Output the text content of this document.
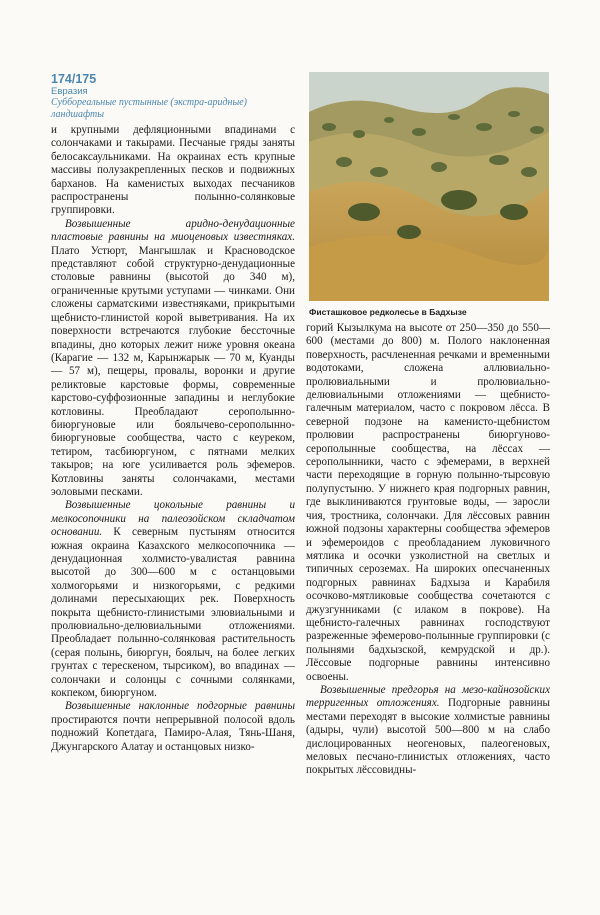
174/175
Евразия
Суббореальные пустынные (экстра-аридные) ландшафты

и крупными дефляционными впадинами с солончаками и такырами. Песчаные гряды заняты белосаксаульниками. На окраинах есть крупные массивы полузакрепленных песков и подвижных барханов. На каменистых выходах песчаников распространены полынно-солянковые группировки.

Возвышенные аридно-денудационные пластовые равнины на миоценовых известняках. Плато Устюрт, Мангышлак и Красноводское представляют собой структурно-денудационные столовые равнины (высотой до 340 м), ограниченные крутыми уступами — чинками. Они сложены сарматскими известняками, прикрытыми щебнисто-глинистой корой выветривания. На их поверхности встречаются глубокие бессточные впадины, дно которых лежит ниже уровня океана (Карагие — 132 м, Карынжарык — 70 м, Куанды — 57 м), пещеры, провалы, воронки и другие реликтовые карстовые формы, современные карстово-суффозионные западины и неглубокие котловины. Преобладают серополынно-биюргуновые или боялычево-серополынно-биюргуновые сообщества, часто с кеуреком, тетиром, тасбиюргуном, с пятнами мелких такыров; на юге усиливается роль эфемеров. Котловины заняты солончаками, местами эоловыми песками.

Возвышенные цокольные равнины и мелкосопочники на палеозойском складчатом основании. К северным пустыням относится южная окраина Казахского мелкосопочника — денудационная холмисто-увалистая равнина высотой до 300—600 м с останцовыми холмогорьями и низкогорьями, с редкими долинами пересыхающих рек. Поверхность покрыта щебнисто-глинистыми элювиальными и пролювиально-делювиальными отложениями. Преобладает полынно-солянковая растительность (серая полынь, биюргун, боялыч, на более легких грунтах с терескеном, тырсиком), во впадинах — солончаки и солонцы с сочными солянками, кокпеком, биюргуном.

Возвышенные наклонные подгорные равнины простираются почти непрерывной полосой вдоль подножий Копетдага, Памиро-Алая, Тянь-Шаня, Джунгарского Алатау и останцовых низко-

Фисташковое редколесье в Бадхызе

горий Кызылкума на высоте от 250—350 до 550—600 (местами до 800) м. Полого наклоненная поверхность, расчлененная речками и временными водотоками, сложена аллювиально-пролювиальными и пролювиально-делювиальными отложениями — щебнисто-галечным материалом, часто с покровом лёсса. В северной подзоне на каменисто-щебнистом пролювии распространены биюргуново-серополынные сообщества, на лёссах — серополынники, часто с эфемерами, в верхней части переходящие в горную полынно-тырсовую полупустыню. У нижнего края подгорных равнин, где выклиниваются грунтовые воды, — заросли чия, тростника, солончаки. Для лёссовых равнин южной подзоны характерны сообщества эфемеров и эфемероидов с преобладанием луковичного мятлика и осочки узколистной на светлых и типичных сероземах. На широких опесчаненных подгорных равнинах Бадхыза и Карабиля осочково-мятликовые сообщества сочетаются с джузгунниками (с илаком в покрове). На щебнисто-галечных равнинах господствуют разреженные эфемерово-полынные группировки (с полынями бадхызской, кемрудской и др.). Лёссовые подгорные равнины интенсивно освоены.

Возвышенные предгорья на мезо-кайнозойских терригенных отложениях. Подгорные равнины местами переходят в высокие холмистые равнины (адыры, чули) высотой 500—800 м на слабо дислоцированных неогеновых, палеогеновых, меловых песчано-глинистых отложениях, часто покрытых лёссовидны-
